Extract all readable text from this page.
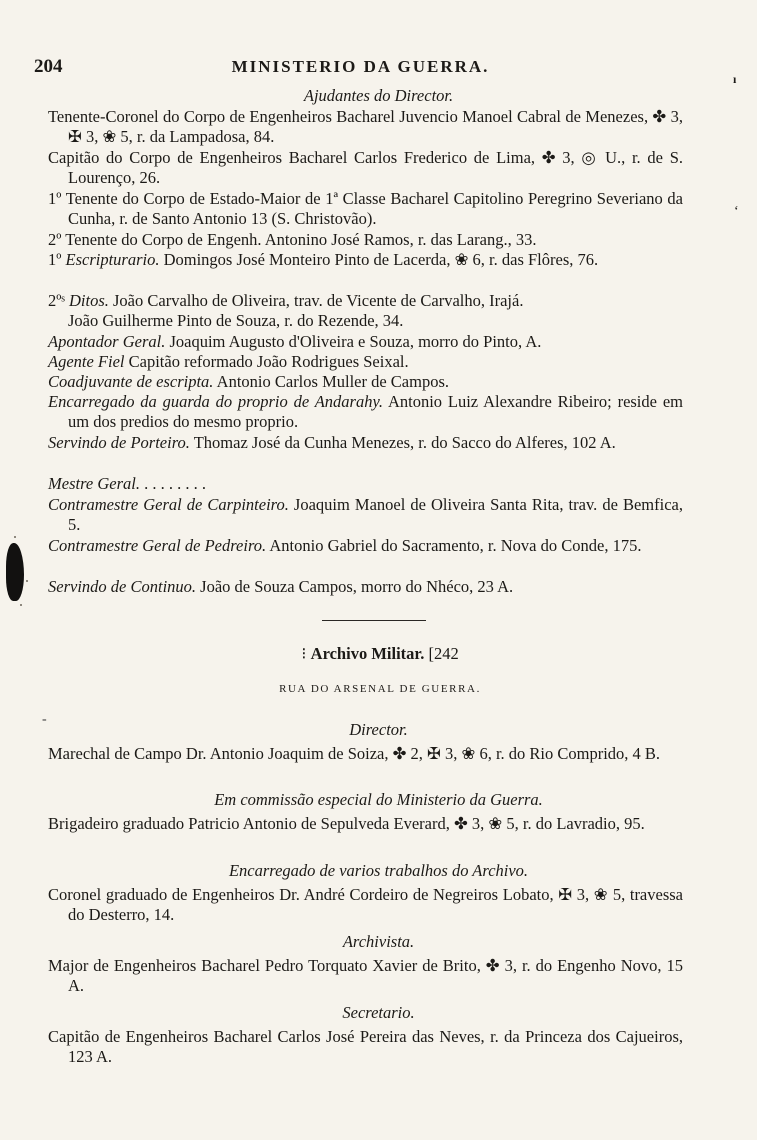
204	MINISTERIO DA GUERRA.
ı
‘
Ajudantes do Director.
Tenente-Coronel do Corpo de Engenheiros Bacharel Juvencio Manoel Cabral de Menezes, ✤ 3, ✠ 3, ❀ 5, r. da Lampadosa, 84.
Capitão do Corpo de Engenheiros Bacharel Carlos Frederico de Lima, ✤ 3, ◎ U., r. de S. Lourenço, 26.
1º Tenente do Corpo de Estado-Maior de 1ª Classe Bacharel Capitolino Peregrino Severiano da Cunha, r. de Santo Antonio 13 (S. Christovão).
2º Tenente do Corpo de Engenh. Antonino José Ramos, r. das Larang., 33.
1º Escripturario. Domingos José Monteiro Pinto de Lacerda, ❀ 6, r. das Flôres, 76.
2ºˢ Ditos. João Carvalho de Oliveira, trav. de Vicente de Carvalho, Irajá.
João Guilherme Pinto de Souza, r. do Rezende, 34.
Apontador Geral. Joaquim Augusto d'Oliveira e Souza, morro do Pinto, A.
Agente Fiel Capitão reformado João Rodrigues Seixal.
Coadjuvante de escripta. Antonio Carlos Muller de Campos.
Encarregado da guarda do proprio de Andarahy. Antonio Luiz Alexandre Ribeiro; reside em um dos predios do mesmo proprio.
Servindo de Porteiro. Thomaz José da Cunha Menezes, r. do Sacco do Alferes, 102 A.
Mestre Geral. . . . . . . . .
Contramestre Geral de Carpinteiro. Joaquim Manoel de Oliveira Santa Rita, trav. de Bemfica, 5.
Contramestre Geral de Pedreiro. Antonio Gabriel do Sacramento, r. Nova do Conde, 175.
Servindo de Continuo. João de Souza Campos, morro do Nhéco, 23 A.
⁝ Archivo Militar. [242
RUA DO ARSENAL DE GUERRA.
Director.
Marechal de Campo Dr. Antonio Joaquim de Soiza, ✤ 2, ✠ 3, ❀ 6, r. do Rio Comprido, 4 B.
Em commissão especial do Ministerio da Guerra.
Brigadeiro graduado Patricio Antonio de Sepulveda Everard, ✤ 3, ❀ 5, r. do Lavradio, 95.
Encarregado de varios trabalhos do Archivo.
Coronel graduado de Engenheiros Dr. André Cordeiro de Negreiros Lobato, ✠ 3, ❀ 5, travessa do Desterro, 14.
Archivista.
Major de Engenheiros Bacharel Pedro Torquato Xavier de Brito, ✤ 3, r. do Engenho Novo, 15 A.
Secretario.
Capitão de Engenheiros Bacharel Carlos José Pereira das Neves, r. da Princeza dos Cajueiros, 123 A.
-
